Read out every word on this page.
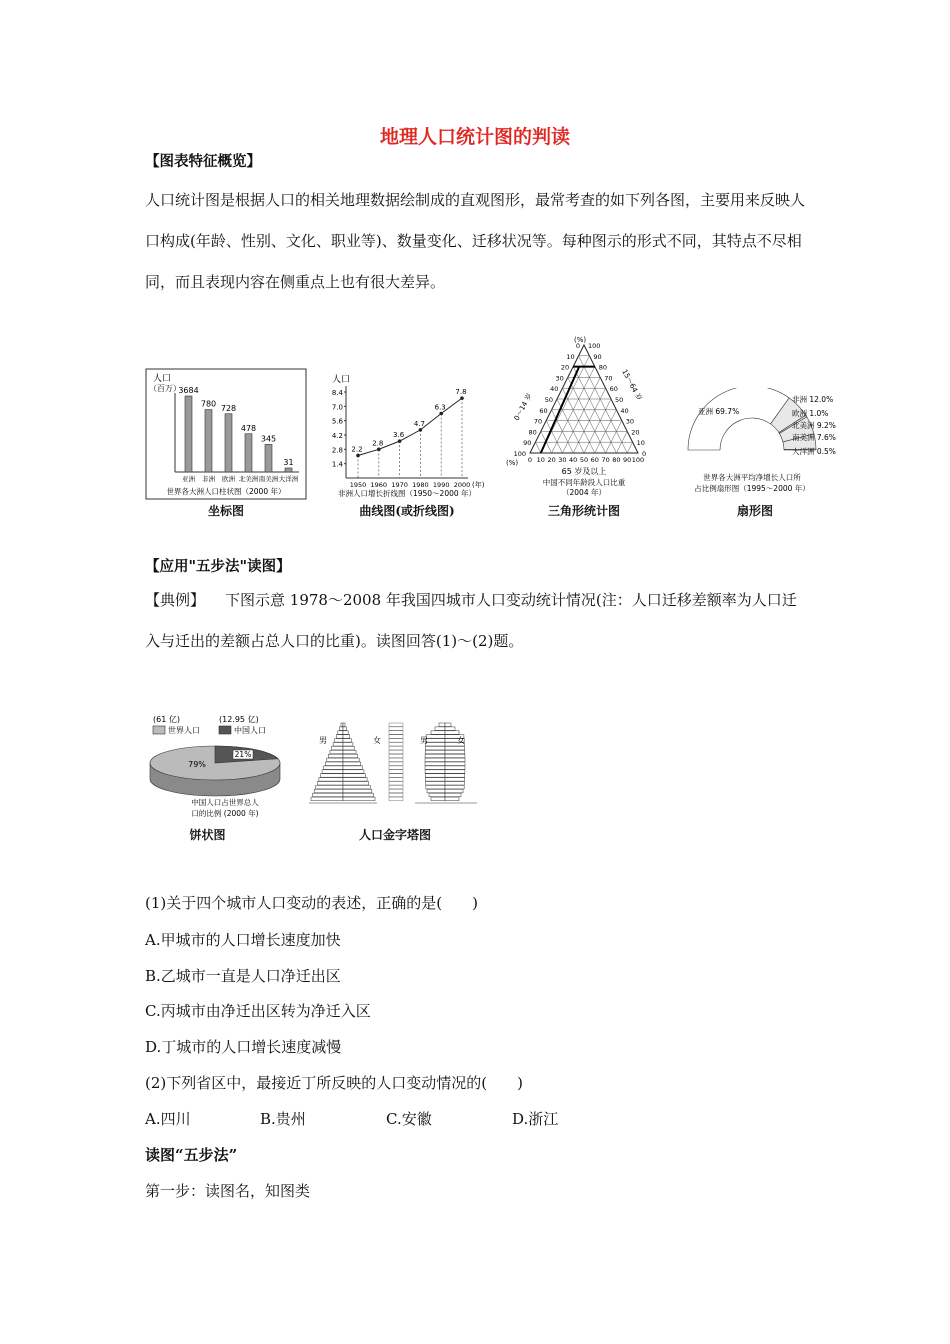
地理人口统计图的判读
【图表特征概览】
人口统计图是根据人口的相关地理数据绘制成的直观图形，最常考查的如下列各图，主要用来反映人口构成(年龄、性别、文化、职业等)、数量变化、迁移状况等。每种图示的形式不同，其特点不尽相同，而且表现内容在侧重点上也有很大差异。
人口
（百万）
3684
亚洲
780
非洲
728
欧洲
478
北美洲
345
南美洲
31
大洋洲
世界各大洲人口柱状图（2000 年）
坐标图
人口
8.4
7.0
5.6
4.2
2.8
1.4
1950
2.2
1960
2.8
1970
3.6
1980
4.7
1990
6.3
2000
7.8
(年)
非洲人口增长折线图（1950～2000 年）
曲线图(或折线图)
0 100
0
10	90
10
20	80
20
30	70
30
40	60
40
50	50
50
60	40
60
70	30
70
80	20
80
90	10
90
100	0
100
(%)
(%)
0～14 岁
15～64 岁
65 岁及以上
中国不同年龄段人口比重
（2004 年）
三角形统计图
亚洲 69.7%
非洲 12.0%
欧洲 1.0%
北美洲 9.2%
南美洲 7.6%
大洋洲 0.5%
世界各大洲平均净增长人口所
占比例扇形图（1995～2000 年）
扇形图
【应用"五步法"读图】
【典例】 下图示意 1978～2008 年我国四城市人口变动统计情况(注：人口迁移差额率为人口迁入与迁出的差额占总人口的比重)。读图回答(1)～(2)题。
(61 亿)	(12.95 亿)
世界人口	中国人口
79%
21%
中国人口占世界总人
口的比例 (2000 年)
饼状图
男	女	男	女
人口金字塔图
(1)关于四个城市人口变动的表述，正确的是(　　)
A.甲城市的人口增长速度加快
B.乙城市一直是人口净迁出区
C.丙城市由净迁出区转为净迁入区
D.丁城市的人口增长速度减慢
(2)下列省区中，最接近丁所反映的人口变动情况的(　　)
A.四川	B.贵州	C.安徽	D.浙江
读图“五步法”
第一步：读图名，知图类
